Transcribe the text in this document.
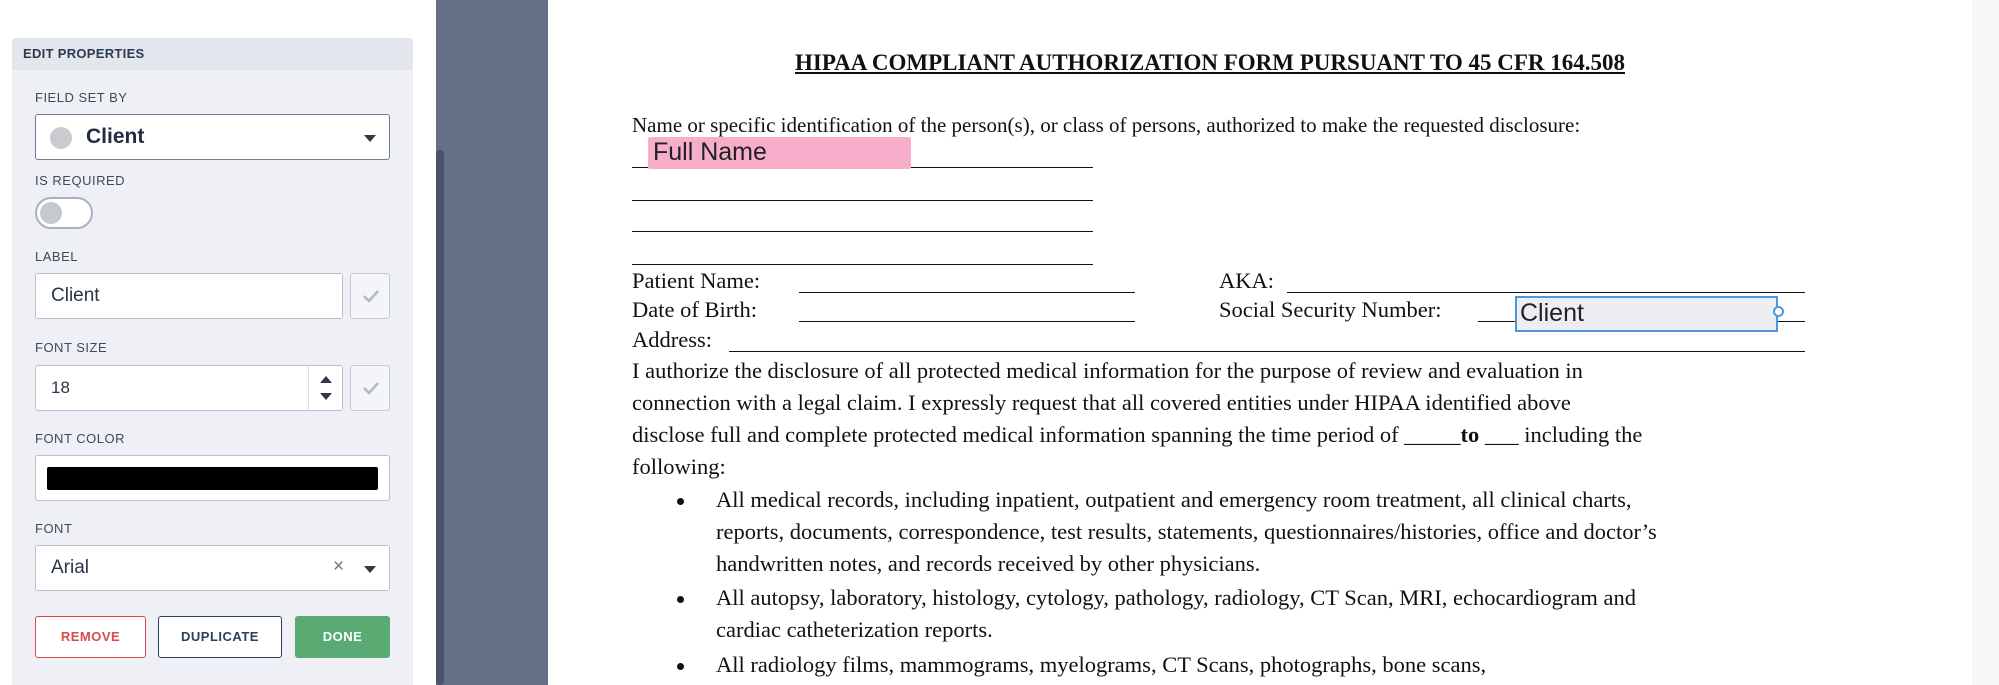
EDIT PROPERTIES
FIELD SET BY
Client
IS REQUIRED
LABEL
Client
FONT SIZE
18
FONT COLOR
FONT
Arial	×
REMOVE	DUPLICATE	DONE
HIPAA COMPLIANT AUTHORIZATION FORM PURSUANT TO 45 CFR 164.508
Name or specific identification of the person(s), or class of persons, authorized to make the requested disclosure:
Full Name
Patient Name:	AKA:
Date of Birth:	Social Security Number:
Address:
I authorize the disclosure of all protected medical information for the purpose of review and evaluation in
connection with a legal claim. I expressly request that all covered entities under HIPAA identified above
disclose full and complete protected medical information spanning the time period of _____to ___ including the
following:
All medical records, including inpatient, outpatient and emergency room treatment, all clinical charts,
reports, documents, correspondence, test results, statements, questionnaires/histories, office and doctor’s
handwritten notes, and records received by other physicians.
All autopsy, laboratory, histology, cytology, pathology, radiology, CT Scan, MRI, echocardiogram and
cardiac catheterization reports.
All radiology films, mammograms, myelograms, CT Scans, photographs, bone scans,
Client
